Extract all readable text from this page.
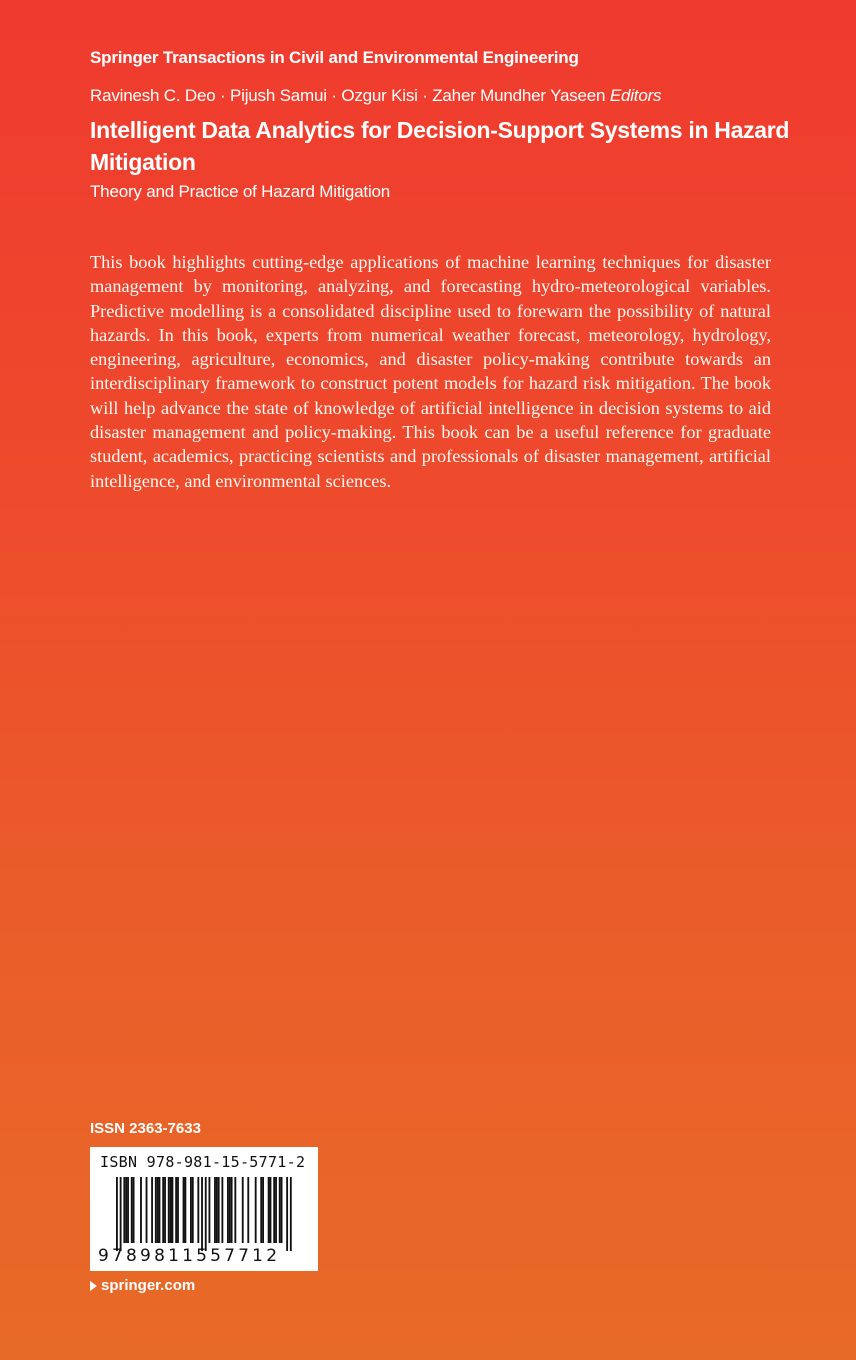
Springer Transactions in Civil and Environmental Engineering
Ravinesh C. Deo · Pijush Samui · Ozgur Kisi · Zaher Mundher Yaseen Editors
Intelligent Data Analytics for Decision-Support Systems in Hazard Mitigation
Theory and Practice of Hazard Mitigation

This book highlights cutting-edge applications of machine learning techniques for disaster management by monitoring, analyzing, and forecasting hydro-meteorological variables. Predictive modelling is a consolidated discipline used to forewarn the possibility of natural hazards. In this book, experts from numerical weather forecast, meteorology, hydrology, engineering, agriculture, economics, and disaster policy-making contribute towards an interdisciplinary framework to construct potent models for hazard risk mitigation. The book will help advance the state of knowledge of artificial intelligence in decision systems to aid disaster management and policy-making. This book can be a useful reference for graduate student, academics, practicing scientists and professionals of disaster management, artificial intelligence, and environmental sciences.

ISSN 2363-7633
ISBN 978-981-15-5771-2
9789811557712
springer.com
